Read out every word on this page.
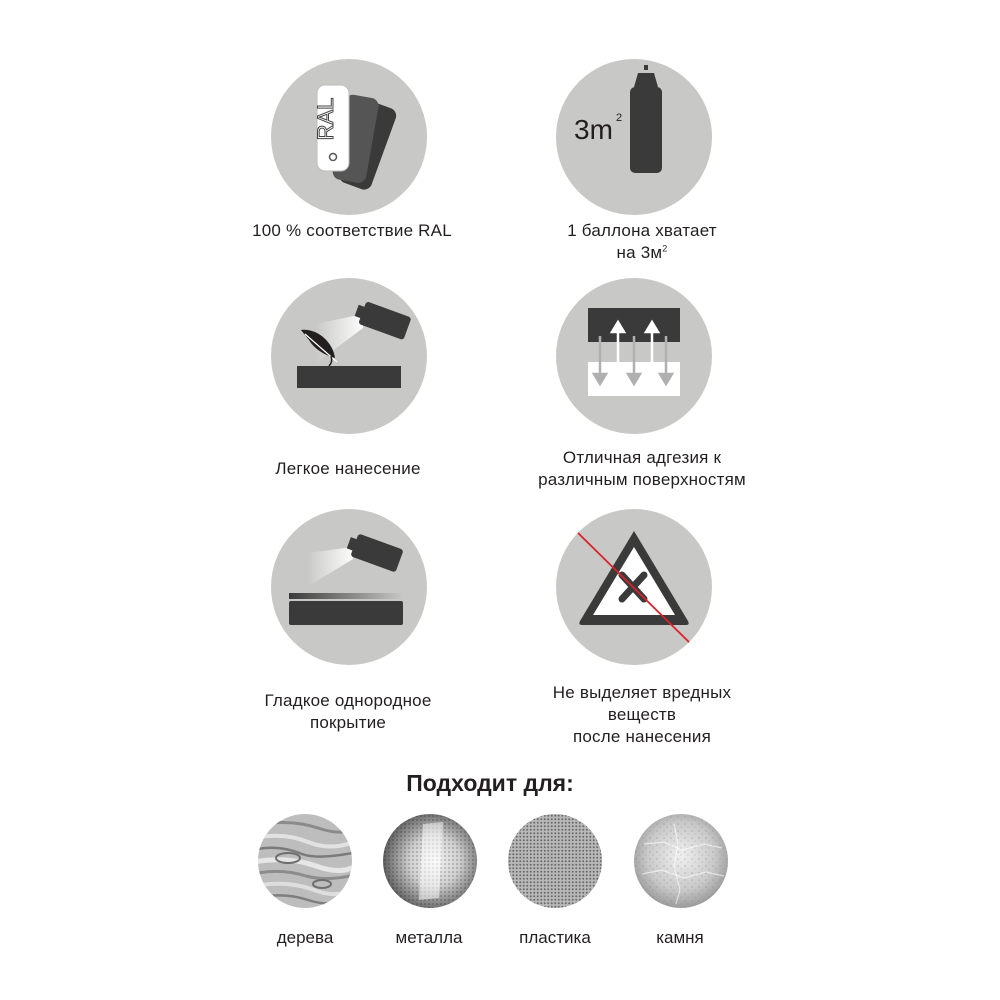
RAL
100 % соответствие RAL
3m 2
1 баллона хватает
на $3м^2$
Легкое нанесение
Отличная адгезия к
различным поверхностям
Гладкое однородное
покрытие
Не выделяет вредных
веществ
после нанесения
Подходит для:
дерева	металла	пластика	камня
